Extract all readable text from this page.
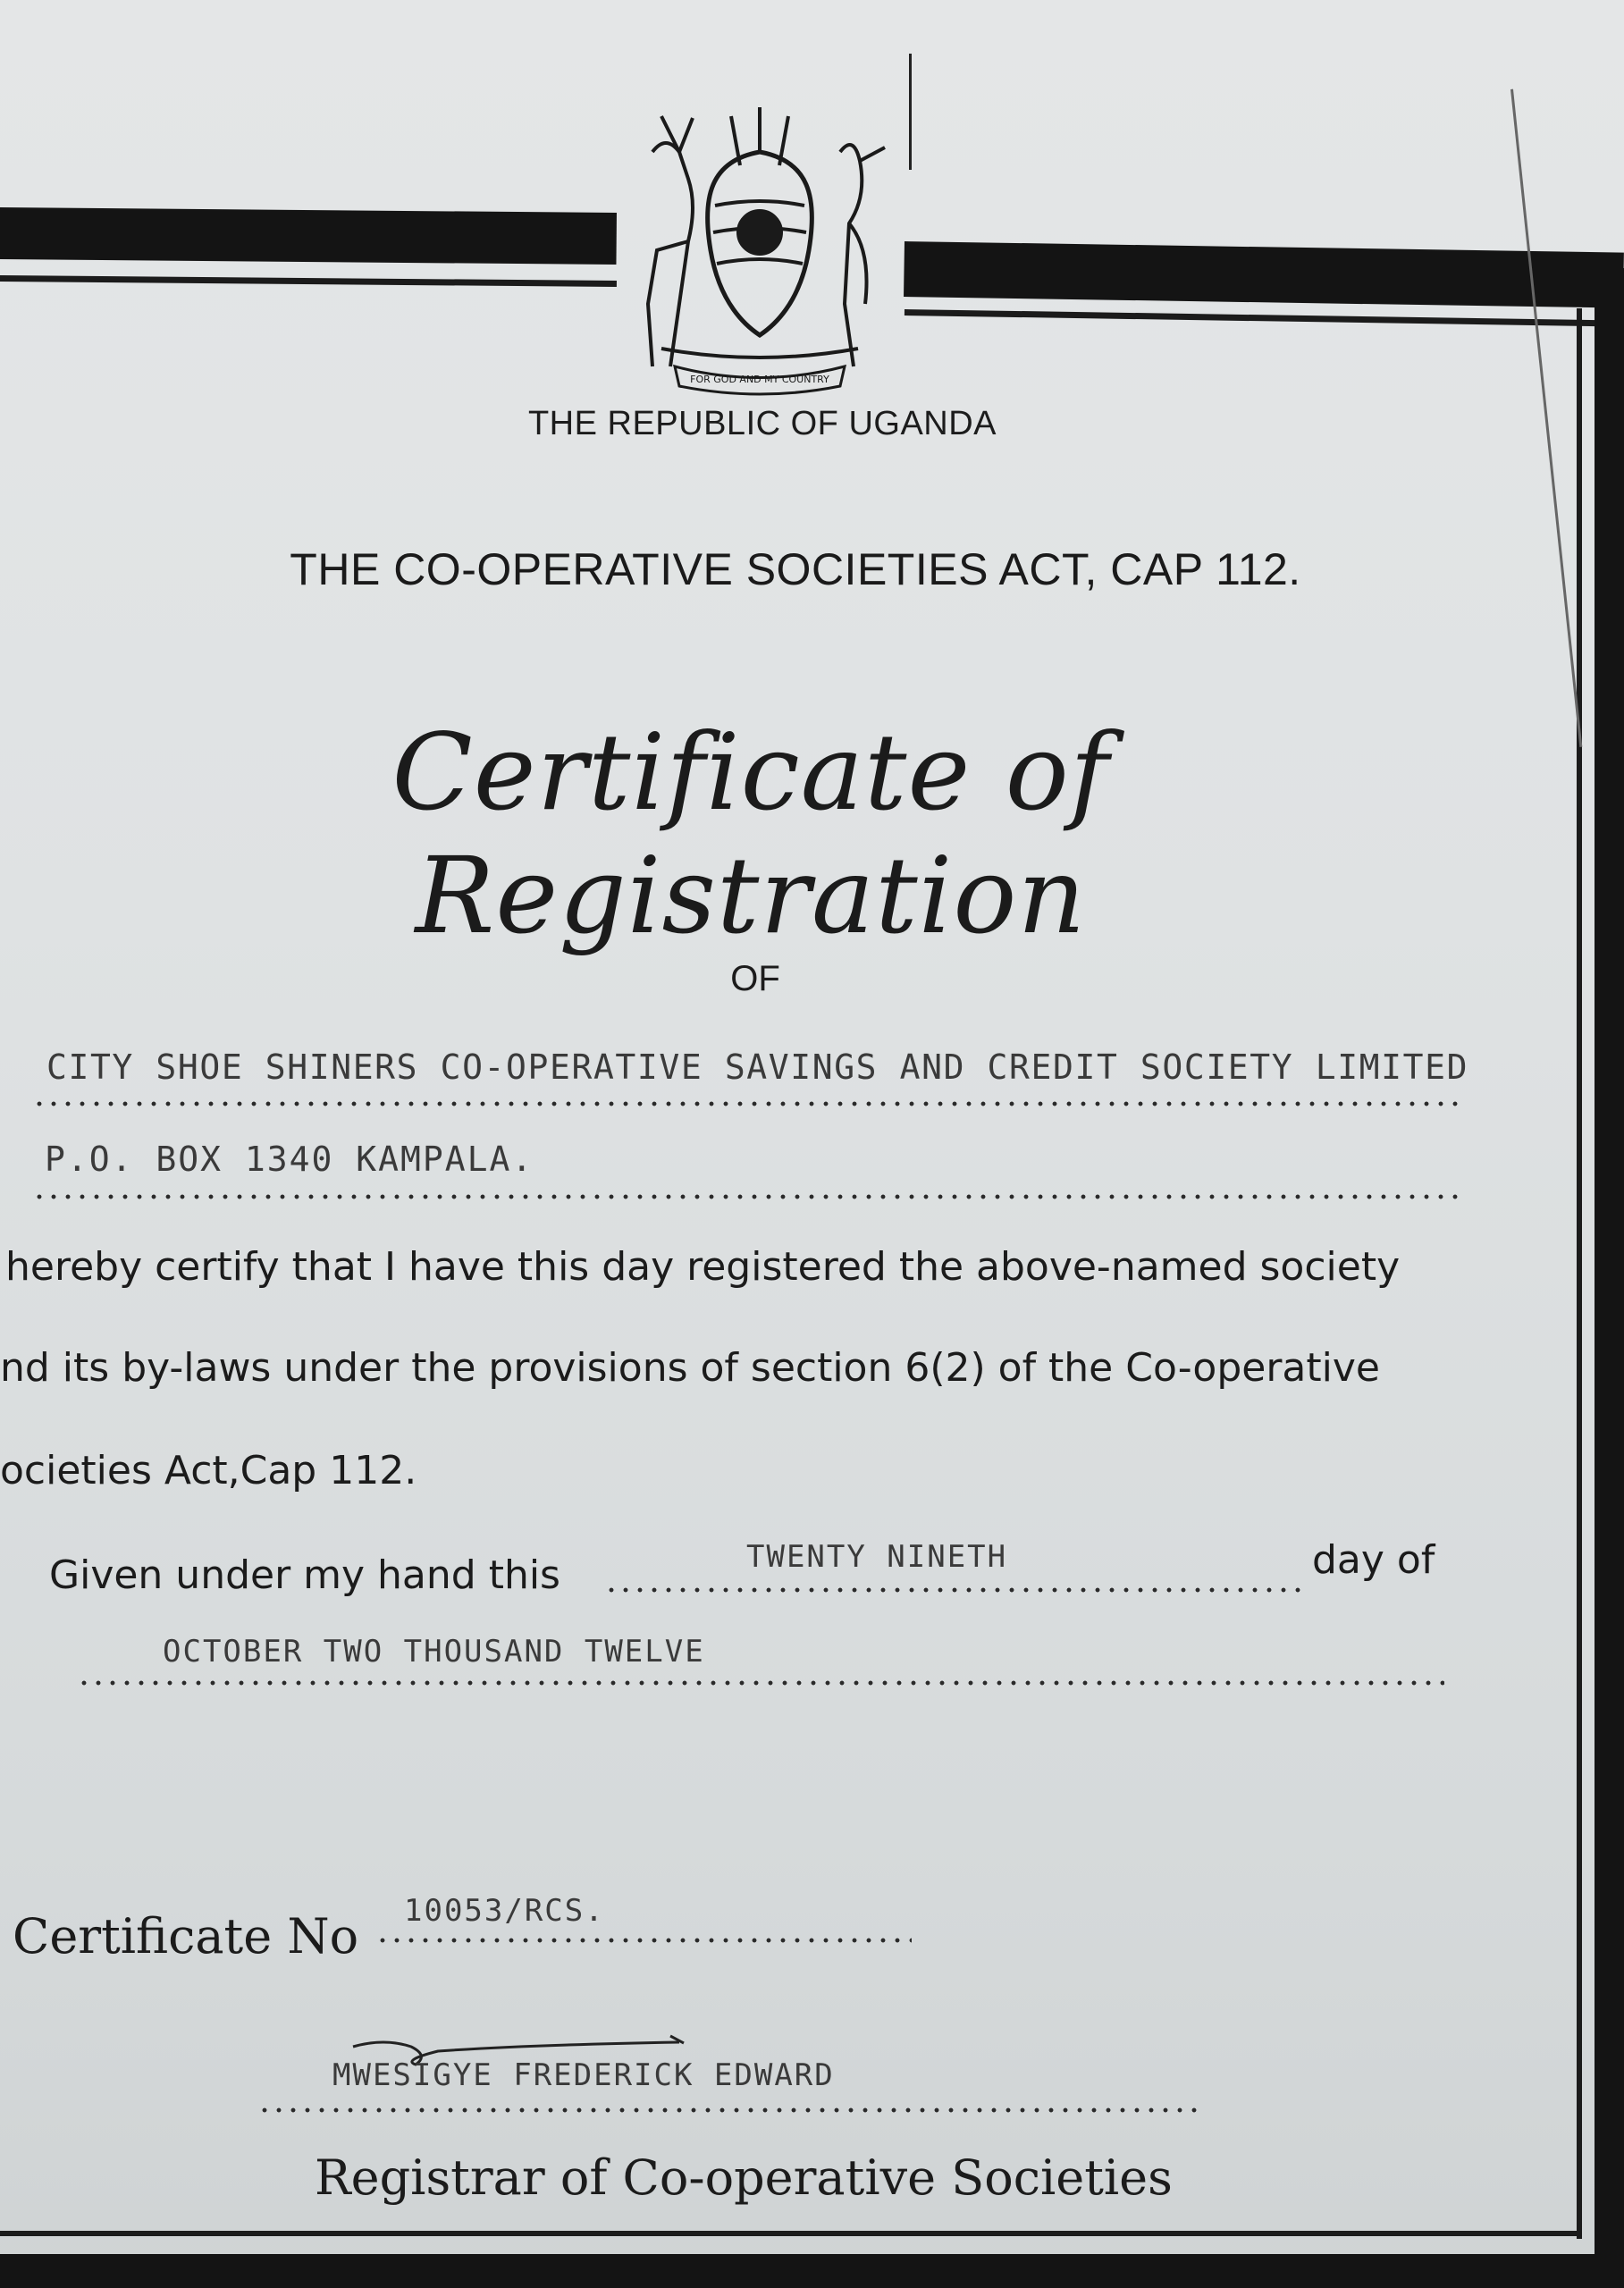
FOR GOD AND MY COUNTRY
THE REPUBLIC OF UGANDA
THE CO-OPERATIVE SOCIETIES ACT, CAP 112.
Certificate of Registration
OF
CITY SHOE SHINERS CO-OPERATIVE SAVINGS AND CREDIT SOCIETY LIMITED
P.O. BOX 1340 KAMPALA.
hereby certify that I have this day registered the above-named society
nd its by-laws under the provisions of section 6(2) of the Co-operative
ocieties Act,Cap 112.
Given under my hand this	TWENTY NINETH	day of
OCTOBER TWO THOUSAND TWELVE
Certificate No 10053/RCS.
MWESIGYE FREDERICK EDWARD
Registrar of Co-operative Societies
